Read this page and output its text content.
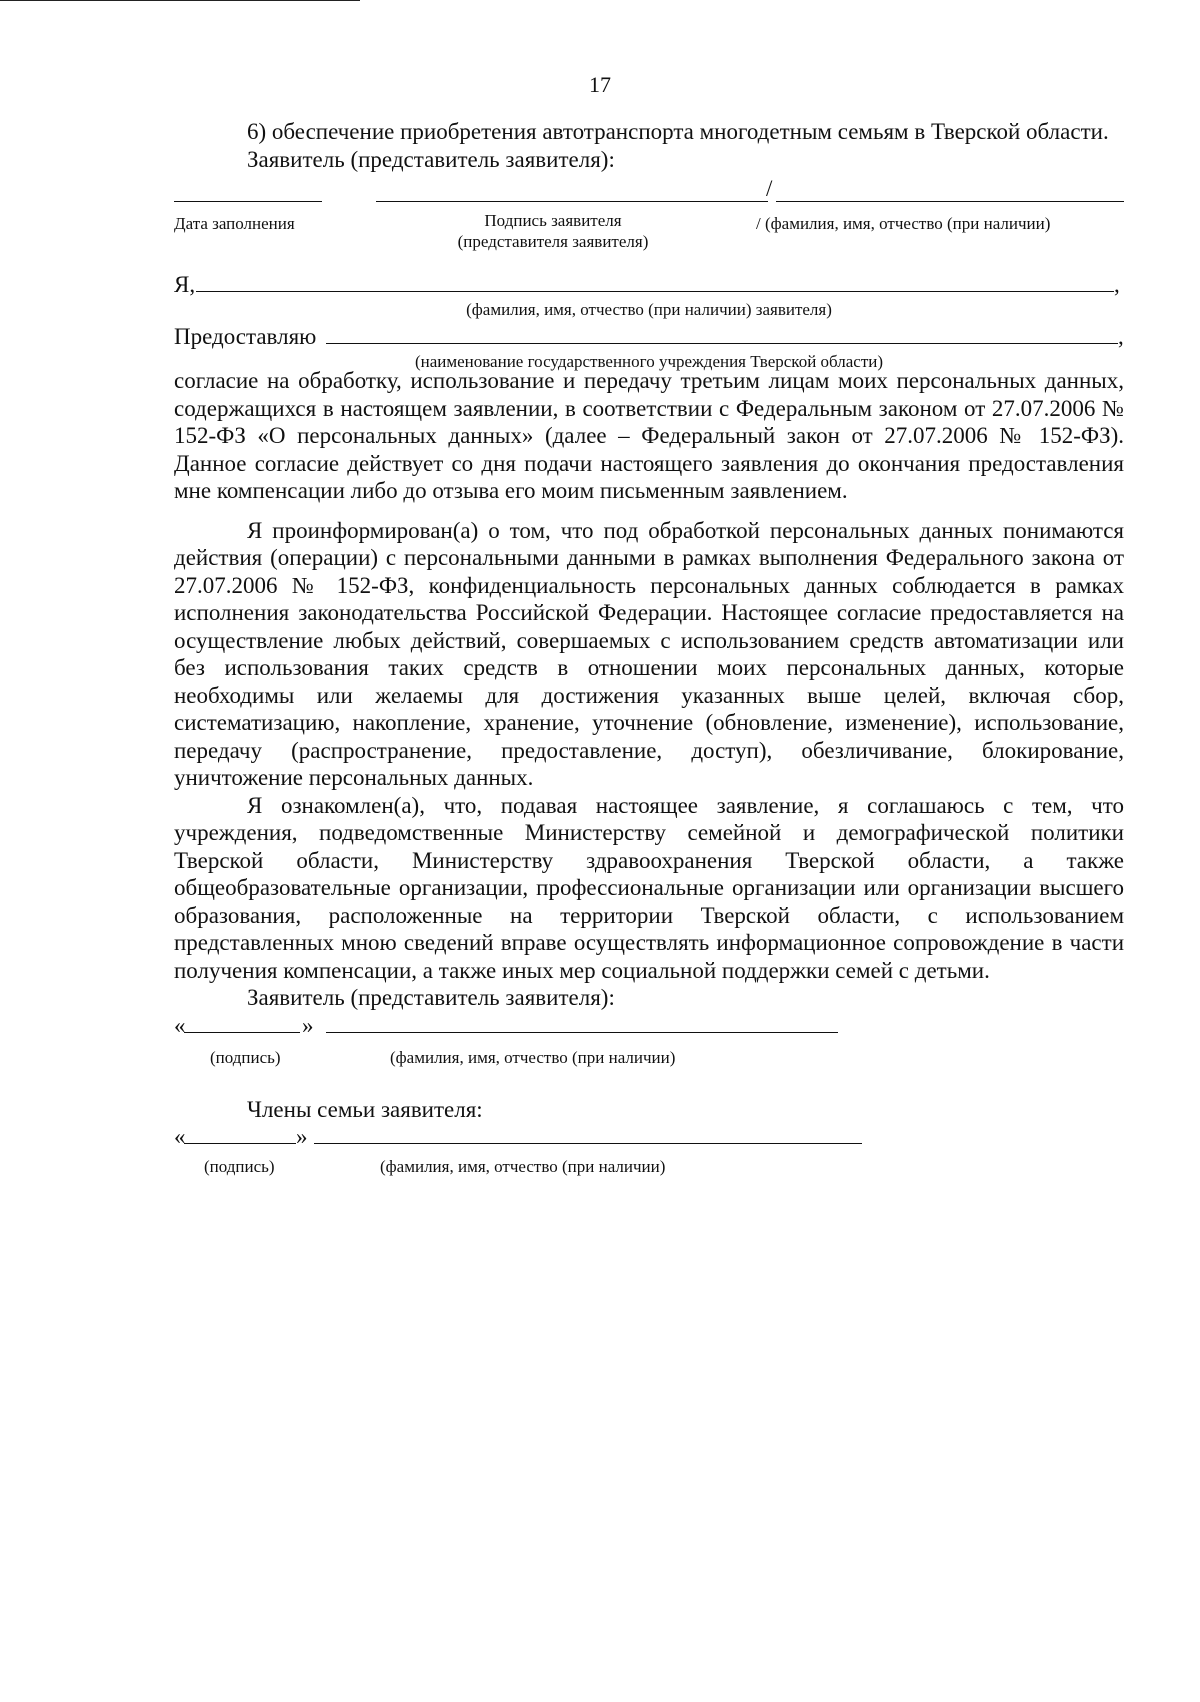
17

6) обеспечение приобретения автотранспорта многодетным семьям в Тверской области.

Заявитель (представитель заявителя):

/
Дата заполнения	Подпись заявителя
(представителя заявителя)
/ (фамилия, имя, отчество (при наличии)
Я,	,
(фамилия, имя, отчество (при наличии) заявителя)
Предоставляю	,
(наименование государственного учреждения Тверской области)

согласие на обработку, использование и передачу третьим лицам моих персональных данных, содержащихся в настоящем заявлении, в соответствии с Федеральным законом от 27.07.2006 № 152-ФЗ «О персональных данных» (далее – Федеральный закон от 27.07.2006 № 152-ФЗ). Данное согласие действует со дня подачи настоящего заявления до окончания предоставления мне компенсации либо до отзыва его моим письменным заявлением.

Я проинформирован(а) о том, что под обработкой персональных данных понимаются действия (операции) с персональными данными в рамках выполнения Федерального закона от 27.07.2006 № 152-ФЗ, конфиденциальность персональных данных соблюдается в рамках исполнения законодательства Российской Федерации. Настоящее согласие предоставляется на осуществление любых действий, совершаемых с использованием средств автоматизации или без использования таких средств в отношении моих персональных данных, которые необходимы или желаемы для достижения указанных выше целей, включая сбор, систематизацию, накопление, хранение, уточнение (обновление, изменение), использование, передачу (распространение, предоставление, доступ), обезличивание, блокирование, уничтожение персональных данных.

Я ознакомлен(а), что, подавая настоящее заявление, я соглашаюсь с тем, что учреждения, подведомственные Министерству семейной и демографической политики Тверской области, Министерству здравоохранения Тверской области, а также общеобразовательные организации, профессиональные организации или организации высшего образования, расположенные на территории Тверской области, с использованием представленных мною сведений вправе осуществлять информационное сопровождение в части получения компенсации, а также иных мер социальной поддержки семей с детьми.

Заявитель (представитель заявителя):

«	»
(подпись)	(фамилия, имя, отчество (при наличии)

Члены семьи заявителя:

«	»
(подпись)	(фамилия, имя, отчество (при наличии)
